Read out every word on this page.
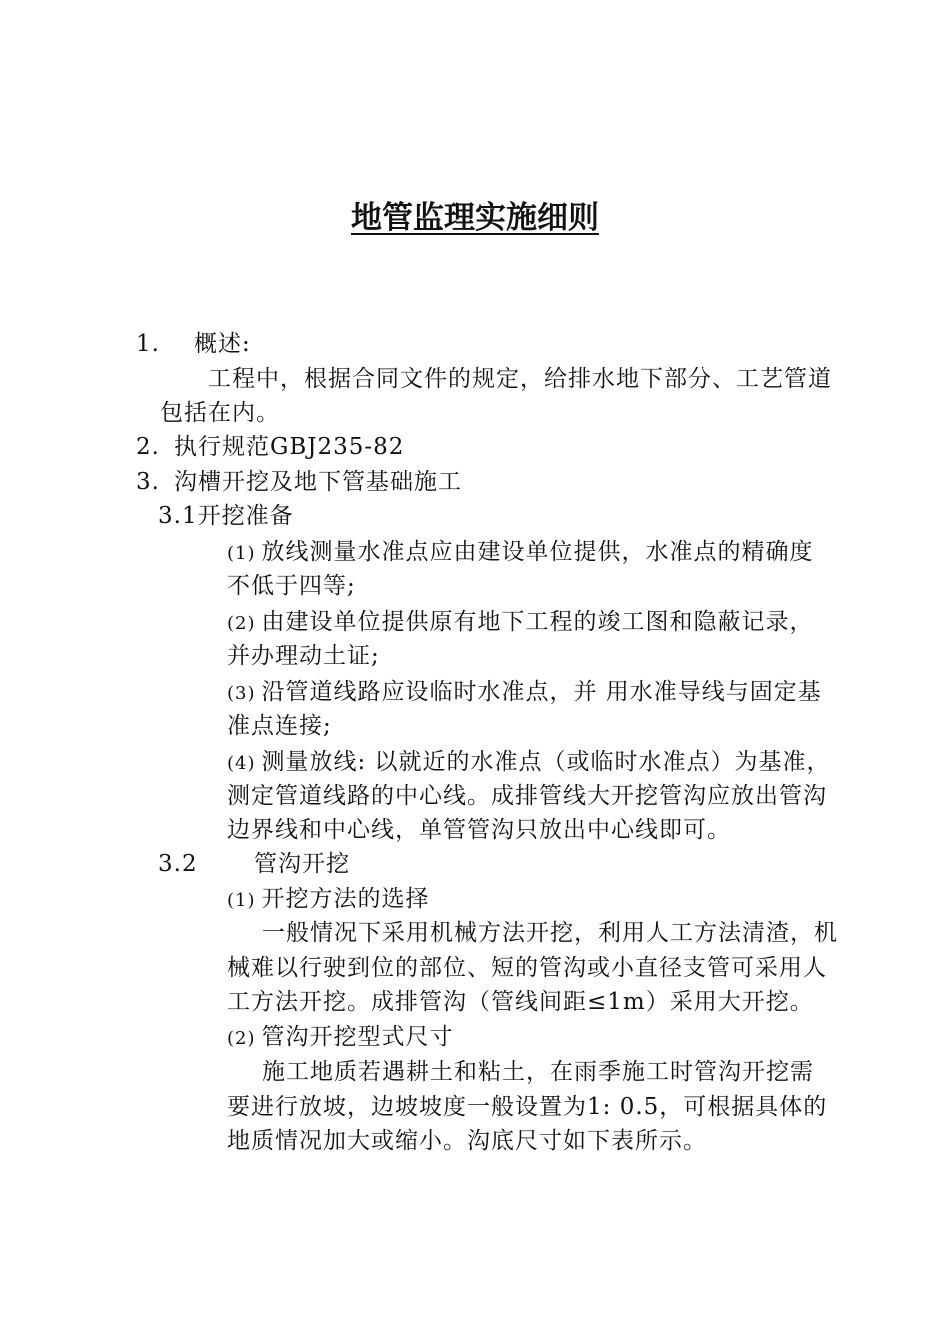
地管监理实施细则
1. 概述:
工程中，根据合同文件的规定，给排水地下部分、工艺管道
包括在内。
2. 执行规范GBJ235-82
3. 沟槽开挖及地下管基础施工
3.1开挖准备
(1) 放线测量水准点应由建设单位提供，水准点的精确度
不低于四等;
(2) 由建设单位提供原有地下工程的竣工图和隐蔽记录，
并办理动土证;
(3) 沿管道线路应设临时水准点，并 用水准导线与固定基
准点连接;
(4) 测量放线: 以就近的水准点（或临时水准点）为基准，
测定管道线路的中心线。成排管线大开挖管沟应放出管沟
边界线和中心线，单管管沟只放出中心线即可。
3.2 管沟开挖
(1) 开挖方法的选择
一般情况下采用机械方法开挖，利用人工方法清渣，机
械难以行驶到位的部位、短的管沟或小直径支管可采用人
工方法开挖。成排管沟（管线间距≤1m）采用大开挖。
(2) 管沟开挖型式尺寸
施工地质若遇耕土和粘土，在雨季施工时管沟开挖需
要进行放坡，边坡坡度一般设置为1: 0.5，可根据具体的
地质情况加大或缩小。沟底尺寸如下表所示。
